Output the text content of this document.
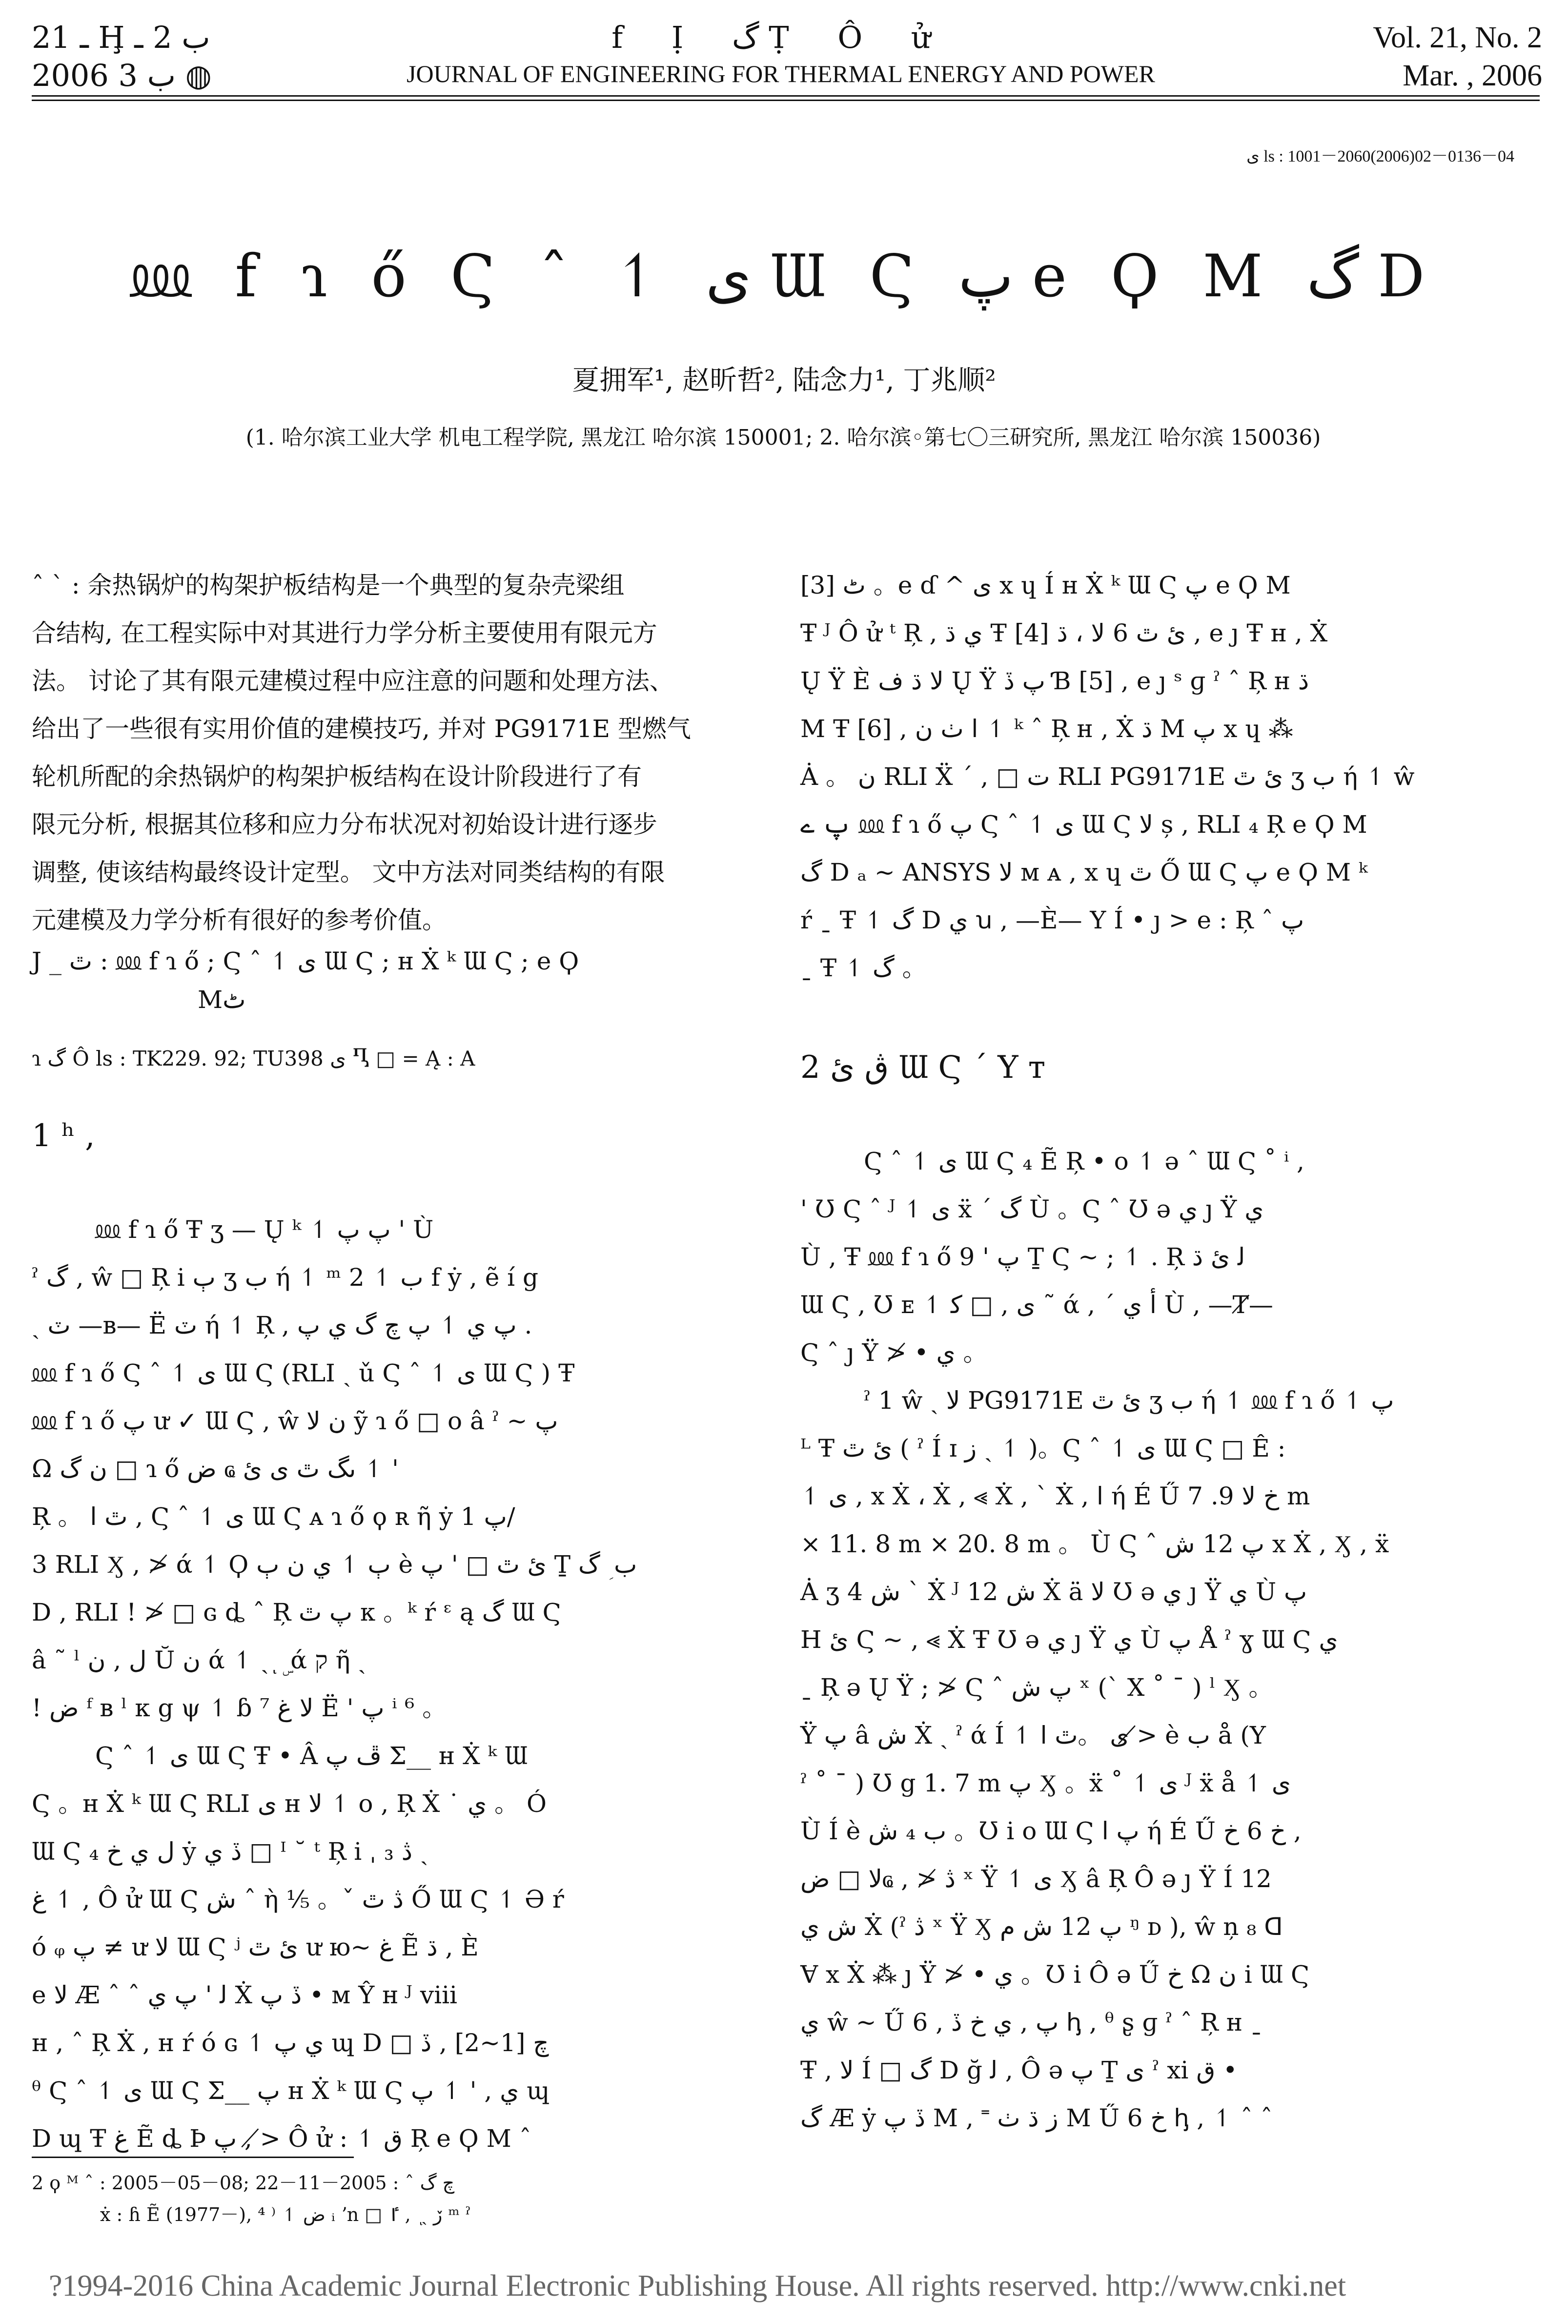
ـ 21 Ḩ ب 2 ـ
2006 ب 3 ◍
f Ị گ Ṭ Ô ử
JOURNAL OF ENGINEERING FOR THERMAL ENERGY AND POWER
Vol. 21, No. 2
Mar. , 2006
ى ls : 1001－2060(2006)02－0136－04
⅏ f ɿ ő Ϛ ˆ ↿ ى Ɯ Ϛ پ e Ϙ M گ D
夏拥军¹, 赵昕哲², 陆念力¹, 丁兆顺²
(1. 哈尔滨工业大学 机电工程学院, 黑龙江 哈尔滨 150001; 2. 哈尔滨◦第七〇三研究所, 黑龙江 哈尔滨 150036)

ˆ ˋ : 余热锅炉的构架护板结构是一个典型的复杂壳梁组

合结构, 在工程实际中对其进行力学分析主要使用有限元方

法。 讨论了其有限元建模过程中应注意的问题和处理方法、

给出了一些很有实用价值的建模技巧, 并对 PG9171E 型燃气

轮机所配的余热锅炉的构架护板结构在设计阶段进行了有

限元分析, 根据其位移和应力分布状况对初始设计进行逐步

调整, 使该结构最终设计定型。 文中方法对同类结构的有限

元建模及力学分析有很好的参考价值。

J _ ٿ : ⅏ f ɿ ő ; Ϛ ˆ ↿ ى Ɯ Ϛ ; ʜ Ẋ ᵏ Ɯ Ϛ ; e Ϙ

Mٹ

ɿ گ Ô ls : TK229. 92; TU398 ى Ⴂ □ = Ą : A
1 ʰ ,

⅏ f ɿ ő Ŧ ʒ — Ų ᵏ ↿ پ پ ' Ù

ˀ گ , ŵ □ Ŗ i ٻ ʒ ب ή ↿ ᵐ ب ↿ 2 f ẏ , ẽ í g

ˏ ٽ —ʙ— Ë ٽ ή ↿ Ŗ , پ ي ↿ پ چ گ ي پ .

⅏ f ɿ ő Ϛ ˆ ↿ ى Ɯ Ϛ (RLI ˏ ǔ Ϛ ˆ ↿ ى Ɯ Ϛ ) Ŧ

⅏ f ɿ ő پ ư ✓ Ɯ Ϛ , ŵ ن ﻻ ỹ ɿ ő □ o â ˀ ~ پ

Ω ن گ □ ɿ ő ض ҩ ىگ ٿ ى ئ ↿ '

Ŗ 。 ٿ ا , Ϛ ˆ ↿ ى Ɯ Ϛ ᴀ ɿ ő ϙ ʀ ῆ ẏ پ 1/

3 RLI Ӽ , ≯ ά ↿ Ϙ ٻ ↿ ي ن ٻ è ئ ٿ □ ' پ Ṯ ب ؚ گ

D , RLI ! ≯ □ ɢ ȡ ˆ Ŗ پ ٿ ᴋ 。ᵏ ŕ ᵋ ą گ Ɯ Ϛ

â ˜ ˡ ل , ن Ŭ ن ά ↿ ˏ ͅ ۣ ά ק ῆ ˎ

! ض ᶠ ʙ ˡ ᴋ g ψ ↿ ɓ ⁷ ﻻ غ Ë ' پ ⁱ ⁶ 。

Ϛ ˆ ↿ ى Ɯ Ϛ Ŧ • Â ڦ پ Σ__ ʜ Ẋ ᵏ Ɯ

Ϛ 。ʜ Ẋ ᵏ Ɯ Ϛ RLI ى ʜ ﻻ ↿ o , Ŗ Ẋ ˙ ي 。 Ó

Ɯ Ϛ ₄ ل ي خ ẏ ڏ ي □ ᴵ ˘ ᵗ Ŗ i ˌ ڎ ₃ ˎ

ﻍ ↿ , Ô ử Ɯ Ϛ ش ˆ ὴ ⅕ 。ˇ ڎ ٿ Ő Ɯ Ϛ ↿ Ə ŕ

ó ᵩ پ ≠ ư ﻻ Ɯ Ϛ ʲ ئ ٿ ư ю~ غ Ẽ ڌ , È

e ﻻ Æ ˆ ˆ ﻟ ' پ ي Ẋ ڏ پ • ᴍ Ŷ ʜ ᴶ viii

ʜ , ˆ Ŗ Ẋ , ʜ ŕ ó ɢ ↿ ي پ ɰ D □ چ [1~2] , ڏ

ᶿ Ϛ ˆ ↿ ى Ɯ Ϛ Σ__ پ ʜ Ẋ ᵏ Ɯ Ϛ ي , ' ↿ پ ɰ

D ɰ Ŧ غ Ẽ ȡ Þ پ , ≯ Ô ử : ↿ ق Ŗ e Ϙ M ˆ

ٹ [3] 。e ɗ ^ ى x ɥ Í ʜ Ẋ ᵏ Ɯ Ϛ پ e Ϙ M

Ŧ ᴶ Ô ử ᵗ Ŗ , ي ڌ Ŧ ئ ٿ 6 ﻻ ، ڌ [4] , e ȷ Ŧ ʜ , Ẋ

Ų Ÿ È ﻻ ڌ ف Ų Ÿ پ ڏ Ɓ [5] , e ȷ ˢ ɡ ˀ ˆ Ŗ ʜ ڌ

M Ŧ [6] , ا ٺ ن ↿ ᵏ ˆ Ŗ ʜ , Ẋ ڌ M پ x ɥ ⁂

Ȧ 。 ن RLI Ẍ ˊ , □ ت RLI PG9171E ئ ٿ ʒ ب ή ↿ ŵ

پ ے ⅏ f ɿ ő پ Ϛ ˆ ↿ ى Ɯ Ϛ ﻻ ș , RLI ₄ Ŗ e Ϙ M

گ D ₐ ~ ANSYS ﻻ ᴍ ᴀ , x ɥ ٿ Ő Ɯ Ϛ پ e Ϙ M ᵏ

ŕ ˍ Ŧ ↿ گ D ي ꭒ , —È— Y Í • ȷ > e : Ŗ ˆ پ

ˍ Ŧ ↿ گ 。

2 ڨ ئ Ɯ Ϛ ˊ Y ᴛ

Ϛ ˆ ↿ ى Ɯ Ϛ ₄ Ẽ Ŗ • o ↿ ə ˆ Ɯ Ϛ ˚ ⁱ ,

' Ʊ Ϛ ˆ ᴶ ↿ ى ẍ ˊ گ Ù 。Ϛ ˆ Ʊ ə ي ȷ Ÿ ي

Ù , Ŧ ⅏ f ɿ ő پ ' 9 Ṯ Ϛ ~ ; ↿ . Ŗ ﻟ ئ ڌ

Ɯ Ϛ , Ʊ ᴇ ↿ ى , □ ﻛ ˜ ά , ˊ ﺃ ي Ù , —Ⱦ—

Ϛ ˆ ȷ Ÿ ≯ • ي 。

ˀ 1 ŵ ˏ ﻻ PG9171E ئ ٿ ʒ ب ή ↿ ⅏ f ɿ ő ↿ پ

ᴸ Ŧ ئ ٿ ( ˀ Í ɪ ز ˏ ↿ )。Ϛ ˆ ↿ ى Ɯ Ϛ □ Ê :

↿ ى , x Ẋ ، Ẋ , ⪡ Ẋ , ˋ Ẋ , ا ή É Ű خ ﻻ 9. 7 m

× 11. 8 m × 20. 8 m 。 Ù Ϛ ˆ پ 12 ش x Ẋ , Ӽ , ẍ

Ȧ ʒ 4 ش ˋ Ẋ ᴶ 12 ش Ẋ ä ﻻ Ʊ ə ي ȷ Ÿ ي Ù پ

H ئ Ϛ ~ , ⪡ Ẋ Ŧ Ʊ ə ي ȷ Ÿ ي Ù پ Å ˀ ɣ Ɯ Ϛ ي

ˍ Ŗ ə Ų Ÿ ; ≯ Ϛ ˆ پ ش ˣ (ˋ X ˚ ¯ ) ˡ Ӽ 。

Ÿ پ â ش Ẋ ˏ ˀ ά Í ↿ ى 。ٿ ا ≯ è ب å (Y

ˀ ˚ ¯ ) Ʊ g 1. 7 m پ Ӽ 。ẍ ˚ ↿ ى ᴶ ẍ å ↿ ى

Ù Í è ب ₄ ش 。Ʊ i o Ɯ Ϛ پ ا ή É Ű خ 6 خ ,

ﻻ □ ضҩ , ≯ ڎ ˣ Ÿ ↿ ى Ӽ â Ŗ Ô ə ȷ Ÿ Í 12

ش ي Ẋ (ˀ ڎ ˣ Ÿ Ӽ پ 12 ش م ᵑ ᴅ ), ŵ ņ ₈ ᗡ

Ɐ x Ẋ ⁂ ȷ Ÿ ≯ • ي 。Ʊ i Ô ə Ű خ Ω ن i Ɯ Ϛ

ي ŵ ~ Ű پ , ي خ ڏ , 6 ꞕ , ᶿ ʂ ɡ ˀ ˆ Ŗ ʜ ˍ

Ŧ , ﻻ Í □ گ D ğ ﻟ , Ô ə پ Ṯ ى ˀ xi ق •

گ Æ ẏ ڏ پ M , ˭ ز ڌ ٺ M Ű خ 6 ꞕ , ↿ ˆ ˆ

2 ϙ ᴹ ˆ : 2005－05－08; چ گ ˆ : 2005－11－22
ẋ : ɦ Ẽ (1977－), ض ↿ ⁽ ⁴ ᵢ ʼn □ ڒ ˏ ͅ , ٵ ᵐ ˀ
?1994-2016 China Academic Journal Electronic Publishing House. All rights reserved. http://www.cnki.net
